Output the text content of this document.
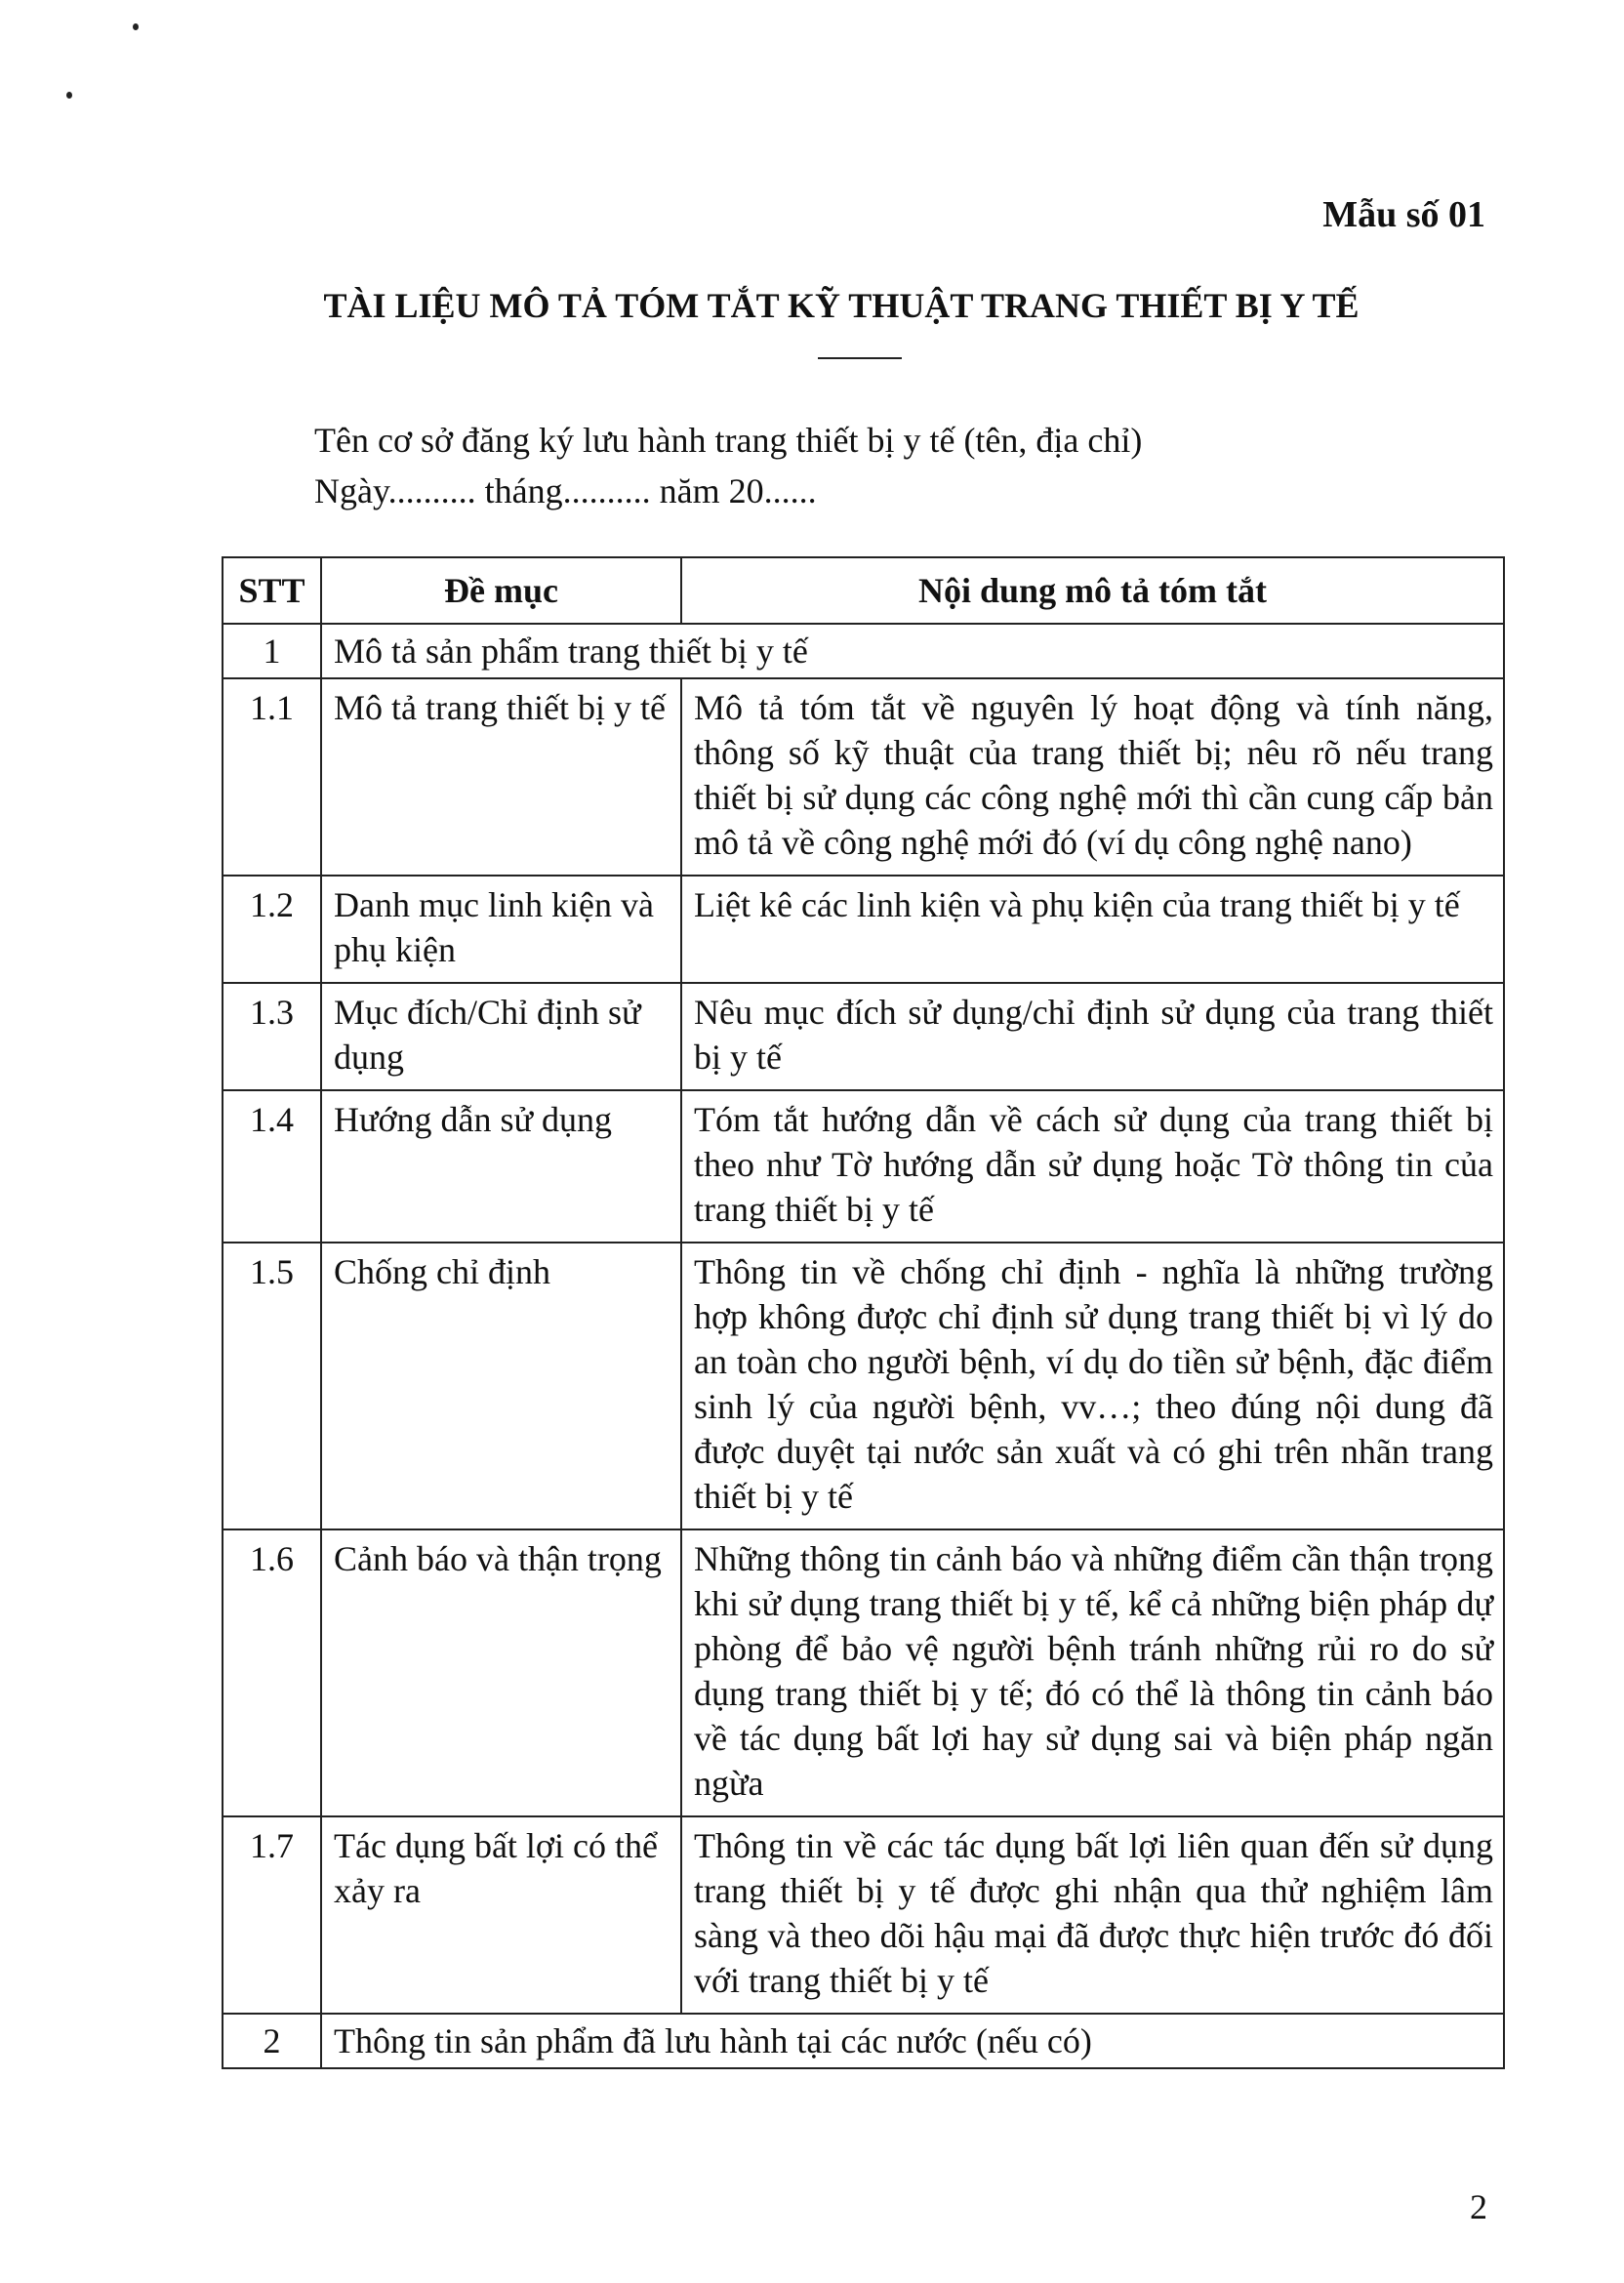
Mẫu số 01
TÀI LIỆU MÔ TẢ TÓM TẮT KỸ THUẬT TRANG THIẾT BỊ Y TẾ
Tên cơ sở đăng ký lưu hành trang thiết bị y tế (tên, địa chỉ)
Ngày.......... tháng.......... năm 20......
STT	Đề mục	Nội dung mô tả tóm tắt
1	Mô tả sản phẩm trang thiết bị y tế	
1.1	Mô tả trang thiết bị y tế	Mô tả tóm tắt về nguyên lý hoạt động và tính năng, thông số kỹ thuật của trang thiết bị; nêu rõ nếu trang thiết bị sử dụng các công nghệ mới thì cần cung cấp bản mô tả về công nghệ mới đó (ví dụ công nghệ nano)
1.2	Danh mục linh kiện và phụ kiện	Liệt kê các linh kiện và phụ kiện của trang thiết bị y tế
1.3	Mục đích/Chỉ định sử dụng	Nêu mục đích sử dụng/chỉ định sử dụng của trang thiết bị y tế
1.4	Hướng dẫn sử dụng	Tóm tắt hướng dẫn về cách sử dụng của trang thiết bị theo như Tờ hướng dẫn sử dụng hoặc Tờ thông tin của trang thiết bị y tế
1.5	Chống chỉ định	Thông tin về chống chỉ định - nghĩa là những trường hợp không được chỉ định sử dụng trang thiết bị vì lý do an toàn cho người bệnh, ví dụ do tiền sử bệnh, đặc điểm sinh lý của người bệnh, vv…; theo đúng nội dung đã được duyệt tại nước sản xuất và có ghi trên nhãn trang thiết bị y tế
1.6	Cảnh báo và thận trọng	Những thông tin cảnh báo và những điểm cần thận trọng khi sử dụng trang thiết bị y tế, kể cả những biện pháp dự phòng để bảo vệ người bệnh tránh những rủi ro do sử dụng trang thiết bị y tế; đó có thể là thông tin cảnh báo về tác dụng bất lợi hay sử dụng sai và biện pháp ngăn ngừa
1.7	Tác dụng bất lợi có thể xảy ra	Thông tin về các tác dụng bất lợi liên quan đến sử dụng trang thiết bị y tế được ghi nhận qua thử nghiệm lâm sàng và theo dõi hậu mại đã được thực hiện trước đó đối với trang thiết bị y tế
2	Thông tin sản phẩm đã lưu hành tại các nước (nếu có)	
2
